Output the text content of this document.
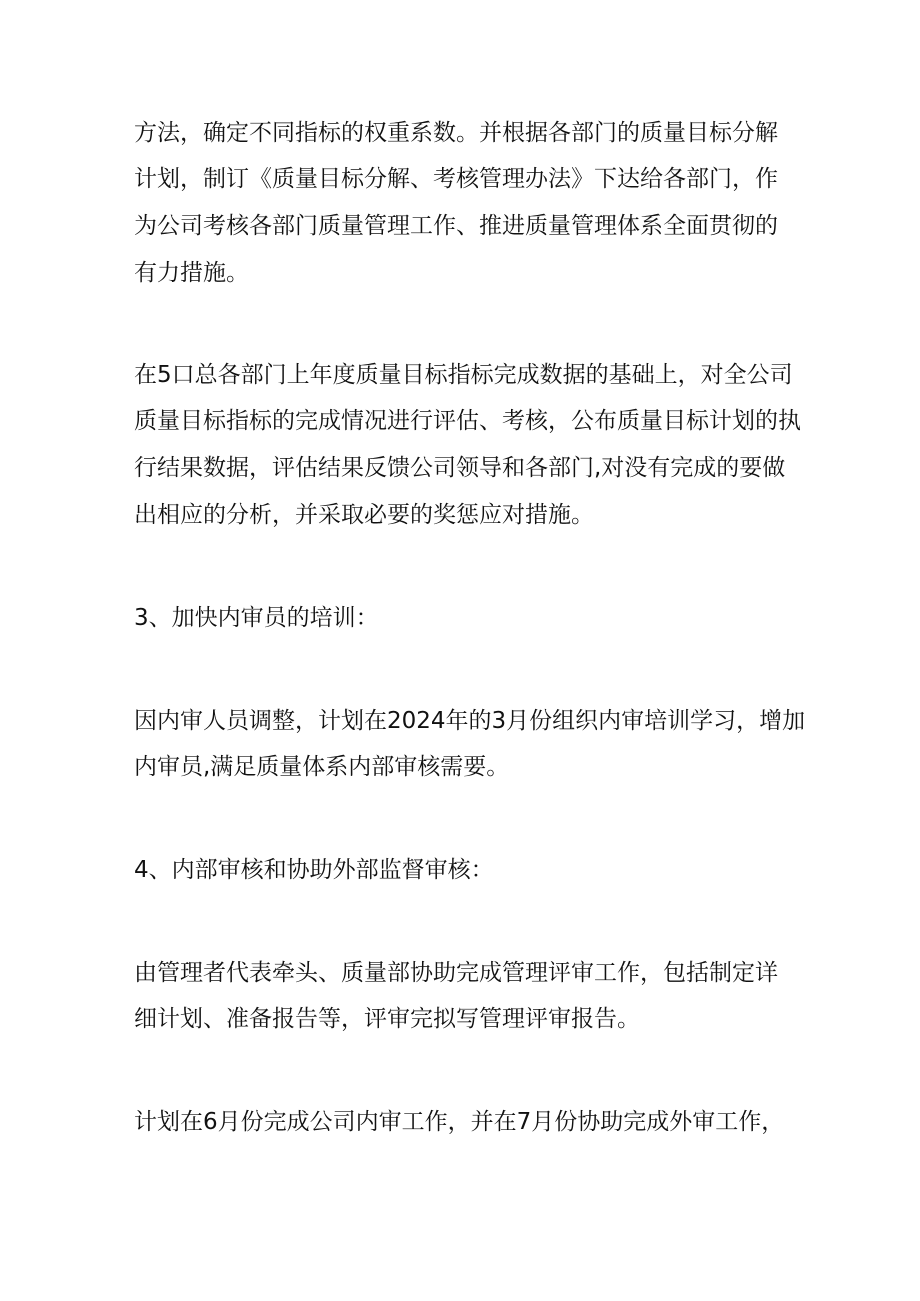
方法，确定不同指标的权重系数。并根据各部门的质量目标分解
计划，制订《质量目标分解、考核管理办法》下达给各部门，作
为公司考核各部门质量管理工作、推进质量管理体系全面贯彻的
有力措施。
在5口总各部门上年度质量目标指标完成数据的基础上，对全公司
质量目标指标的完成情况进行评估、考核，公布质量目标计划的执
行结果数据，评估结果反馈公司领导和各部门,对没有完成的要做
出相应的分析，并采取必要的奖惩应对措施。
3、加快内审员的培训：
因内审人员调整，计划在2024年的3月份组织内审培训学习，增加
内审员,满足质量体系内部审核需要。
4、内部审核和协助外部监督审核：
由管理者代表牵头、质量部协助完成管理评审工作，包括制定详
细计划、准备报告等，评审完拟写管理评审报告。
计划在6月份完成公司内审工作，并在7月份协助完成外审工作，
